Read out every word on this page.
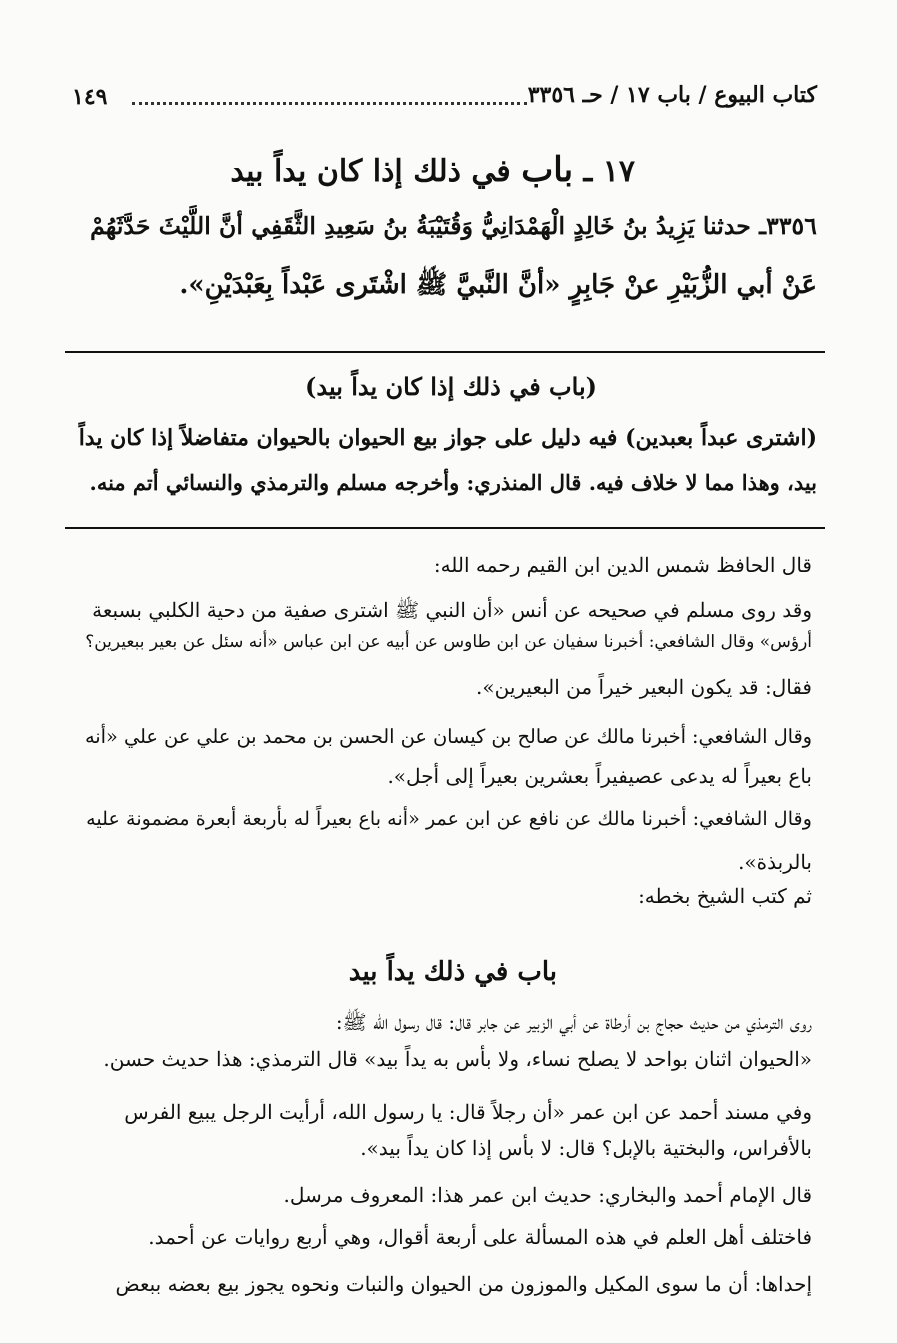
كتاب البيوع / باب ١٧ / حـ ٣٣٥٦
١٤٩
١٧ ـ باب في ذلك إذا كان يداً بيد
٣٣٥٦ـ حدثنا يَزِيدُ بنُ خَالِدٍ الْهَمْدَانِيُّ وَقُتَيْبَةُ بنُ سَعِيدِ الثَّقَفِي أنَّ اللَّيْثَ حَدَّثَهُمْ
عَنْ أبي الزُّبَيْرِ عنْ جَابِرٍ «أنَّ النَّبيَّ ﷺ اشْتَرى عَبْداً بِعَبْدَيْنِ».
(باب في ذلك إذا كان يداً بيد)
(اشترى عبداً بعبدين) فيه دليل على جواز بيع الحيوان بالحيوان متفاضلاً إذا كان يداً
بيد، وهذا مما لا خلاف فيه. قال المنذري: وأخرجه مسلم والترمذي والنسائي أتم منه.
قال الحافظ شمس الدين ابن القيم رحمه الله:
وقد روى مسلم في صحيحه عن أنس «أن النبي ﷺ اشترى صفية من دحية الكلبي بسبعة
أرؤس» وقال الشافعي: أخبرنا سفيان عن ابن طاوس عن أبيه عن ابن عباس «أنه سئل عن بعير ببعيرين؟
فقال: قد يكون البعير خيراً من البعيرين».
وقال الشافعي: أخبرنا مالك عن صالح بن كيسان عن الحسن بن محمد بن علي عن علي «أنه
باع بعيراً له يدعى عصيفيراً بعشرين بعيراً إلى أجل».
وقال الشافعي: أخبرنا مالك عن نافع عن ابن عمر «أنه باع بعيراً له بأربعة أبعرة مضمونة عليه
بالربذة».
ثم كتب الشيخ بخطه:
باب في ذلك يداً بيد
روى الترمذي من حديث حجاج بن أرطاة عن أبي الزبير عن جابر قال: قال رسول الله ﷺ:
«الحيوان اثنان بواحد لا يصلح نساء، ولا بأس به يداً بيد» قال الترمذي: هذا حديث حسن.
وفي مسند أحمد عن ابن عمر «أن رجلاً قال: يا رسول الله، أرأيت الرجل يبيع الفرس
بالأفراس، والبختية بالإبل؟ قال: لا بأس إذا كان يداً بيد».
قال الإمام أحمد والبخاري: حديث ابن عمر هذا: المعروف مرسل.
فاختلف أهل العلم في هذه المسألة على أربعة أقوال، وهي أربع روايات عن أحمد.
إحداها: أن ما سوى المكيل والموزون من الحيوان والنبات ونحوه يجوز بيع بعضه ببعض
